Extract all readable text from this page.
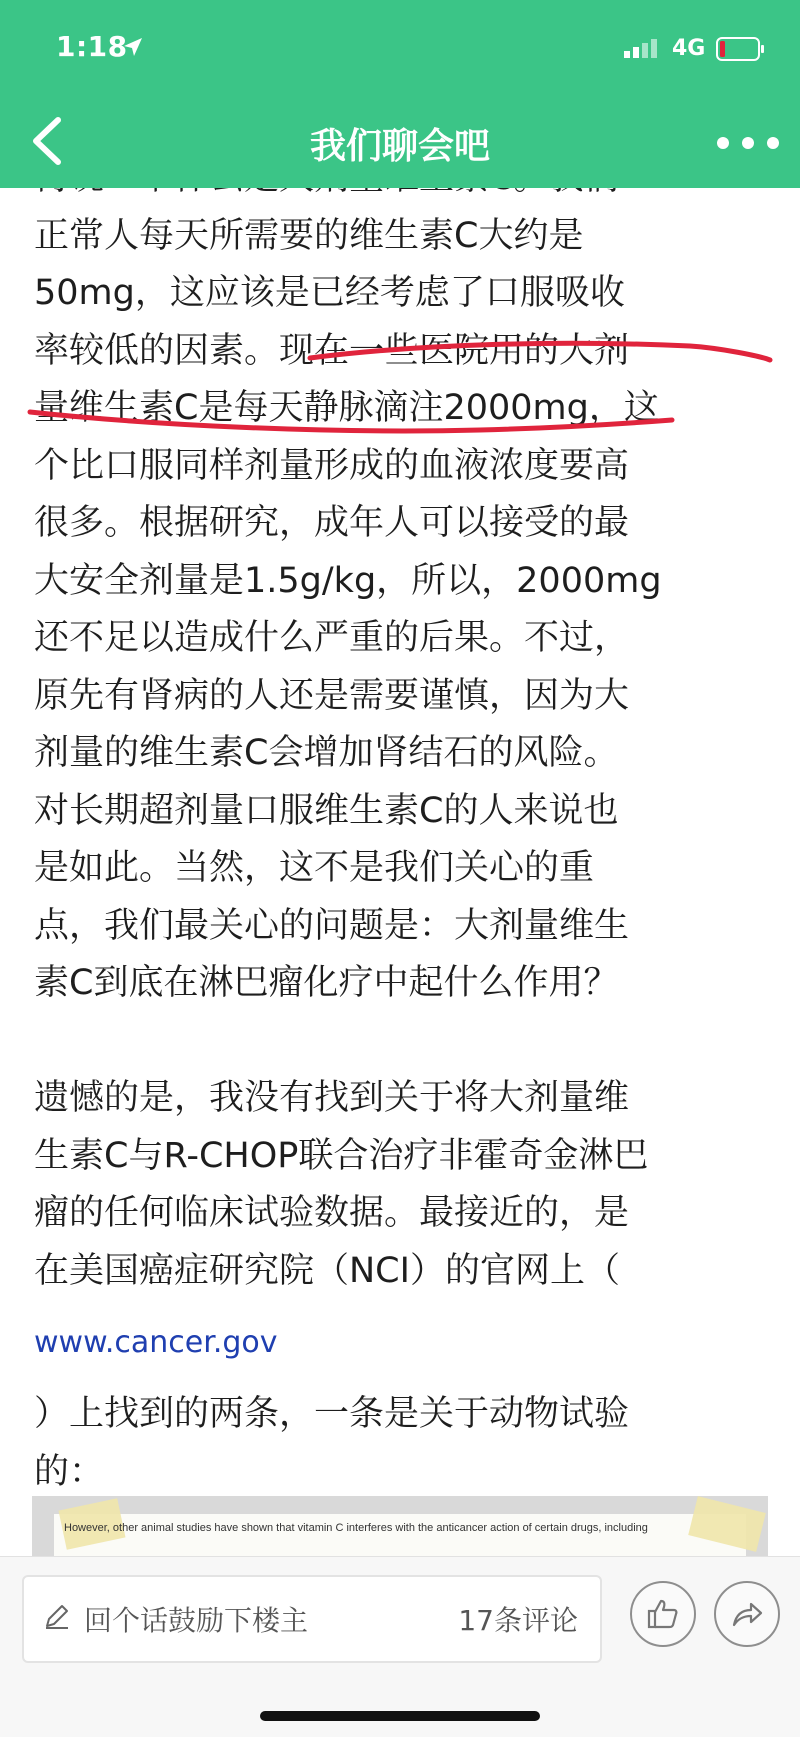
1:18	4G
我们聊会吧

正常人每天所需要的维生素C大约是

50mg，这应该是已经考虑了口服吸收

率较低的因素。现在一些医院用的大剂

量维生素C是每天静脉滴注2000mg，这

个比口服同样剂量形成的血液浓度要高

很多。根据研究，成年人可以接受的最

大安全剂量是1.5g/kg，所以，2000mg

还不足以造成什么严重的后果。不过，

原先有肾病的人还是需要谨慎，因为大

剂量的维生素C会增加肾结石的风险。

对长期超剂量口服维生素C的人来说也

是如此。当然，这不是我们关心的重

点，我们最关心的问题是：大剂量维生

素C到底在淋巴瘤化疗中起什么作用？

遗憾的是，我没有找到关于将大剂量维

生素C与R-CHOP联合治疗非霍奇金淋巴

瘤的任何临床试验数据。最接近的，是

在美国癌症研究院（NCI）的官网上（

www.cancer.gov

）上找到的两条，一条是关于动物试验

的：

However, other animal studies have shown that vitamin C interferes with the anticancer action of certain drugs, including
回个话鼓励下楼主	17条评论
